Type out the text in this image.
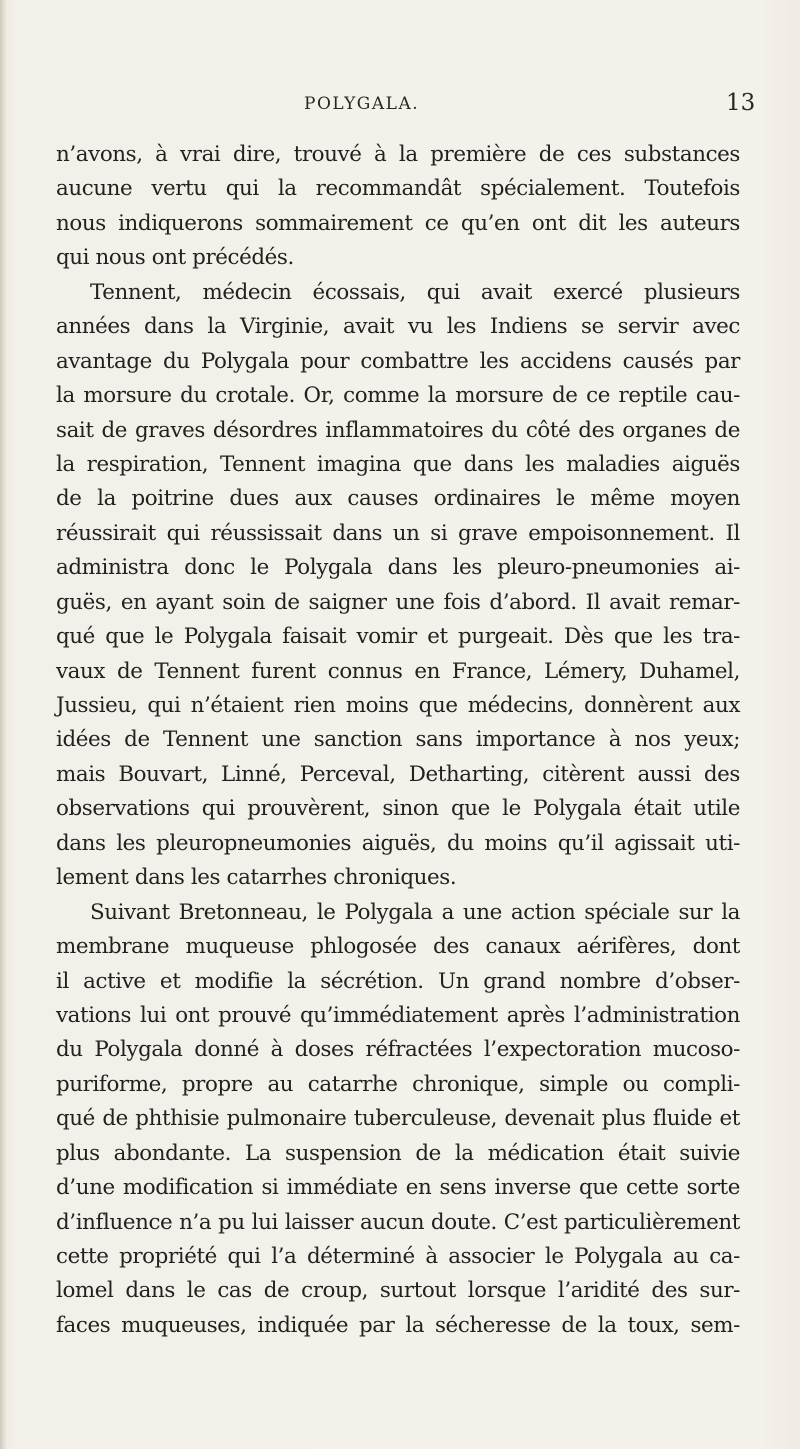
POLYGALA.	13
n’avons, à vrai dire, trouvé à la première de ces substances
aucune vertu qui la recommandât spécialement. Toutefois
nous indiquerons sommairement ce qu’en ont dit les auteurs
qui nous ont précédés.
Tennent, médecin écossais, qui avait exercé plusieurs
années dans la Virginie, avait vu les Indiens se servir avec
avantage du Polygala pour combattre les accidens causés par
la morsure du crotale. Or, comme la morsure de ce reptile cau-
sait de graves désordres inflammatoires du côté des organes de
la respiration, Tennent imagina que dans les maladies aiguës
de la poitrine dues aux causes ordinaires le même moyen
réussirait qui réussissait dans un si grave empoisonnement. Il
administra donc le Polygala dans les pleuro-pneumonies ai-
guës, en ayant soin de saigner une fois d’abord. Il avait remar-
qué que le Polygala faisait vomir et purgeait. Dès que les tra-
vaux de Tennent furent connus en France, Lémery, Duhamel,
Jussieu, qui n’étaient rien moins que médecins, donnèrent aux
idées de Tennent une sanction sans importance à nos yeux;
mais Bouvart, Linné, Perceval, Detharting, citèrent aussi des
observations qui prouvèrent, sinon que le Polygala était utile
dans les pleuropneumonies aiguës, du moins qu’il agissait uti-
lement dans les catarrhes chroniques.
Suivant Bretonneau, le Polygala a une action spéciale sur la
membrane muqueuse phlogosée des canaux aérifères, dont
il active et modifie la sécrétion. Un grand nombre d’obser-
vations lui ont prouvé qu’immédiatement après l’administration
du Polygala donné à doses réfractées l’expectoration mucoso-
puriforme, propre au catarrhe chronique, simple ou compli-
qué de phthisie pulmonaire tuberculeuse, devenait plus fluide et
plus abondante. La suspension de la médication était suivie
d’une modification si immédiate en sens inverse que cette sorte
d’influence n’a pu lui laisser aucun doute. C’est particulièrement
cette propriété qui l’a déterminé à associer le Polygala au ca-
lomel dans le cas de croup, surtout lorsque l’aridité des sur-
faces muqueuses, indiquée par la sécheresse de la toux, sem-
